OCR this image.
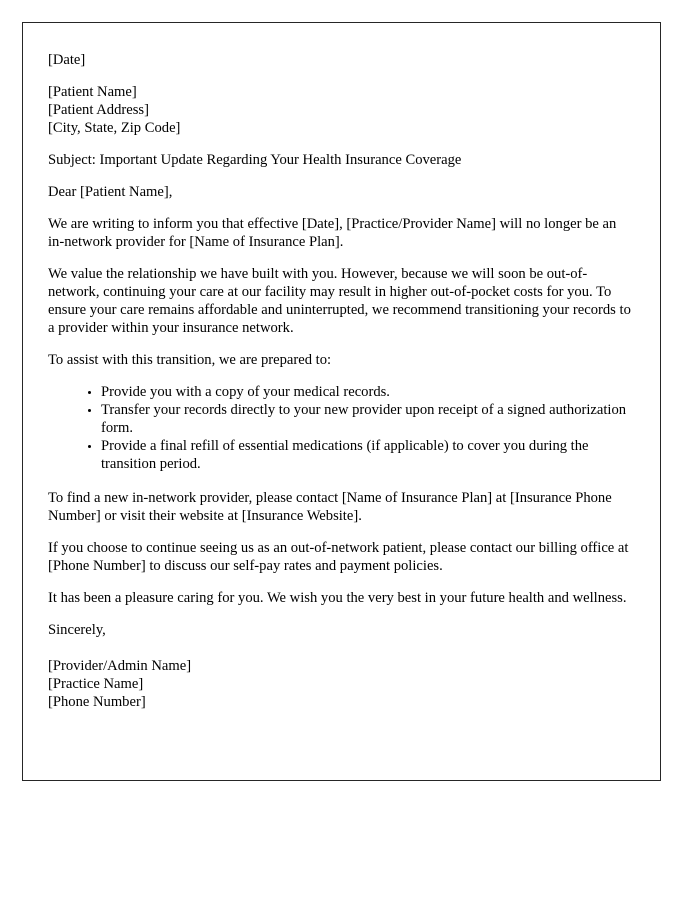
[Date]
[Patient Name]
[Patient Address]
[City, State, Zip Code]

Subject: Important Update Regarding Your Health Insurance Coverage

Dear [Patient Name],

We are writing to inform you that effective [Date], [Practice/Provider Name] will no longer be an in-network provider for [Name of Insurance Plan].

We value the relationship we have built with you. However, because we will soon be out-of-network, continuing your care at our facility may result in higher out-of-pocket costs for you. To ensure your care remains affordable and uninterrupted, we recommend transitioning your records to a provider within your insurance network.

To assist with this transition, we are prepared to:

Provide you with a copy of your medical records.
Transfer your records directly to your new provider upon receipt of a signed authorization form.
Provide a final refill of essential medications (if applicable) to cover you during the transition period.

To find a new in-network provider, please contact [Name of Insurance Plan] at [Insurance Phone Number] or visit their website at [Insurance Website].

If you choose to continue seeing us as an out-of-network patient, please contact our billing office at [Phone Number] to discuss our self-pay rates and payment policies.

It has been a pleasure caring for you. We wish you the very best in your future health and wellness.

Sincerely,

[Provider/Admin Name]
[Practice Name]
[Phone Number]
